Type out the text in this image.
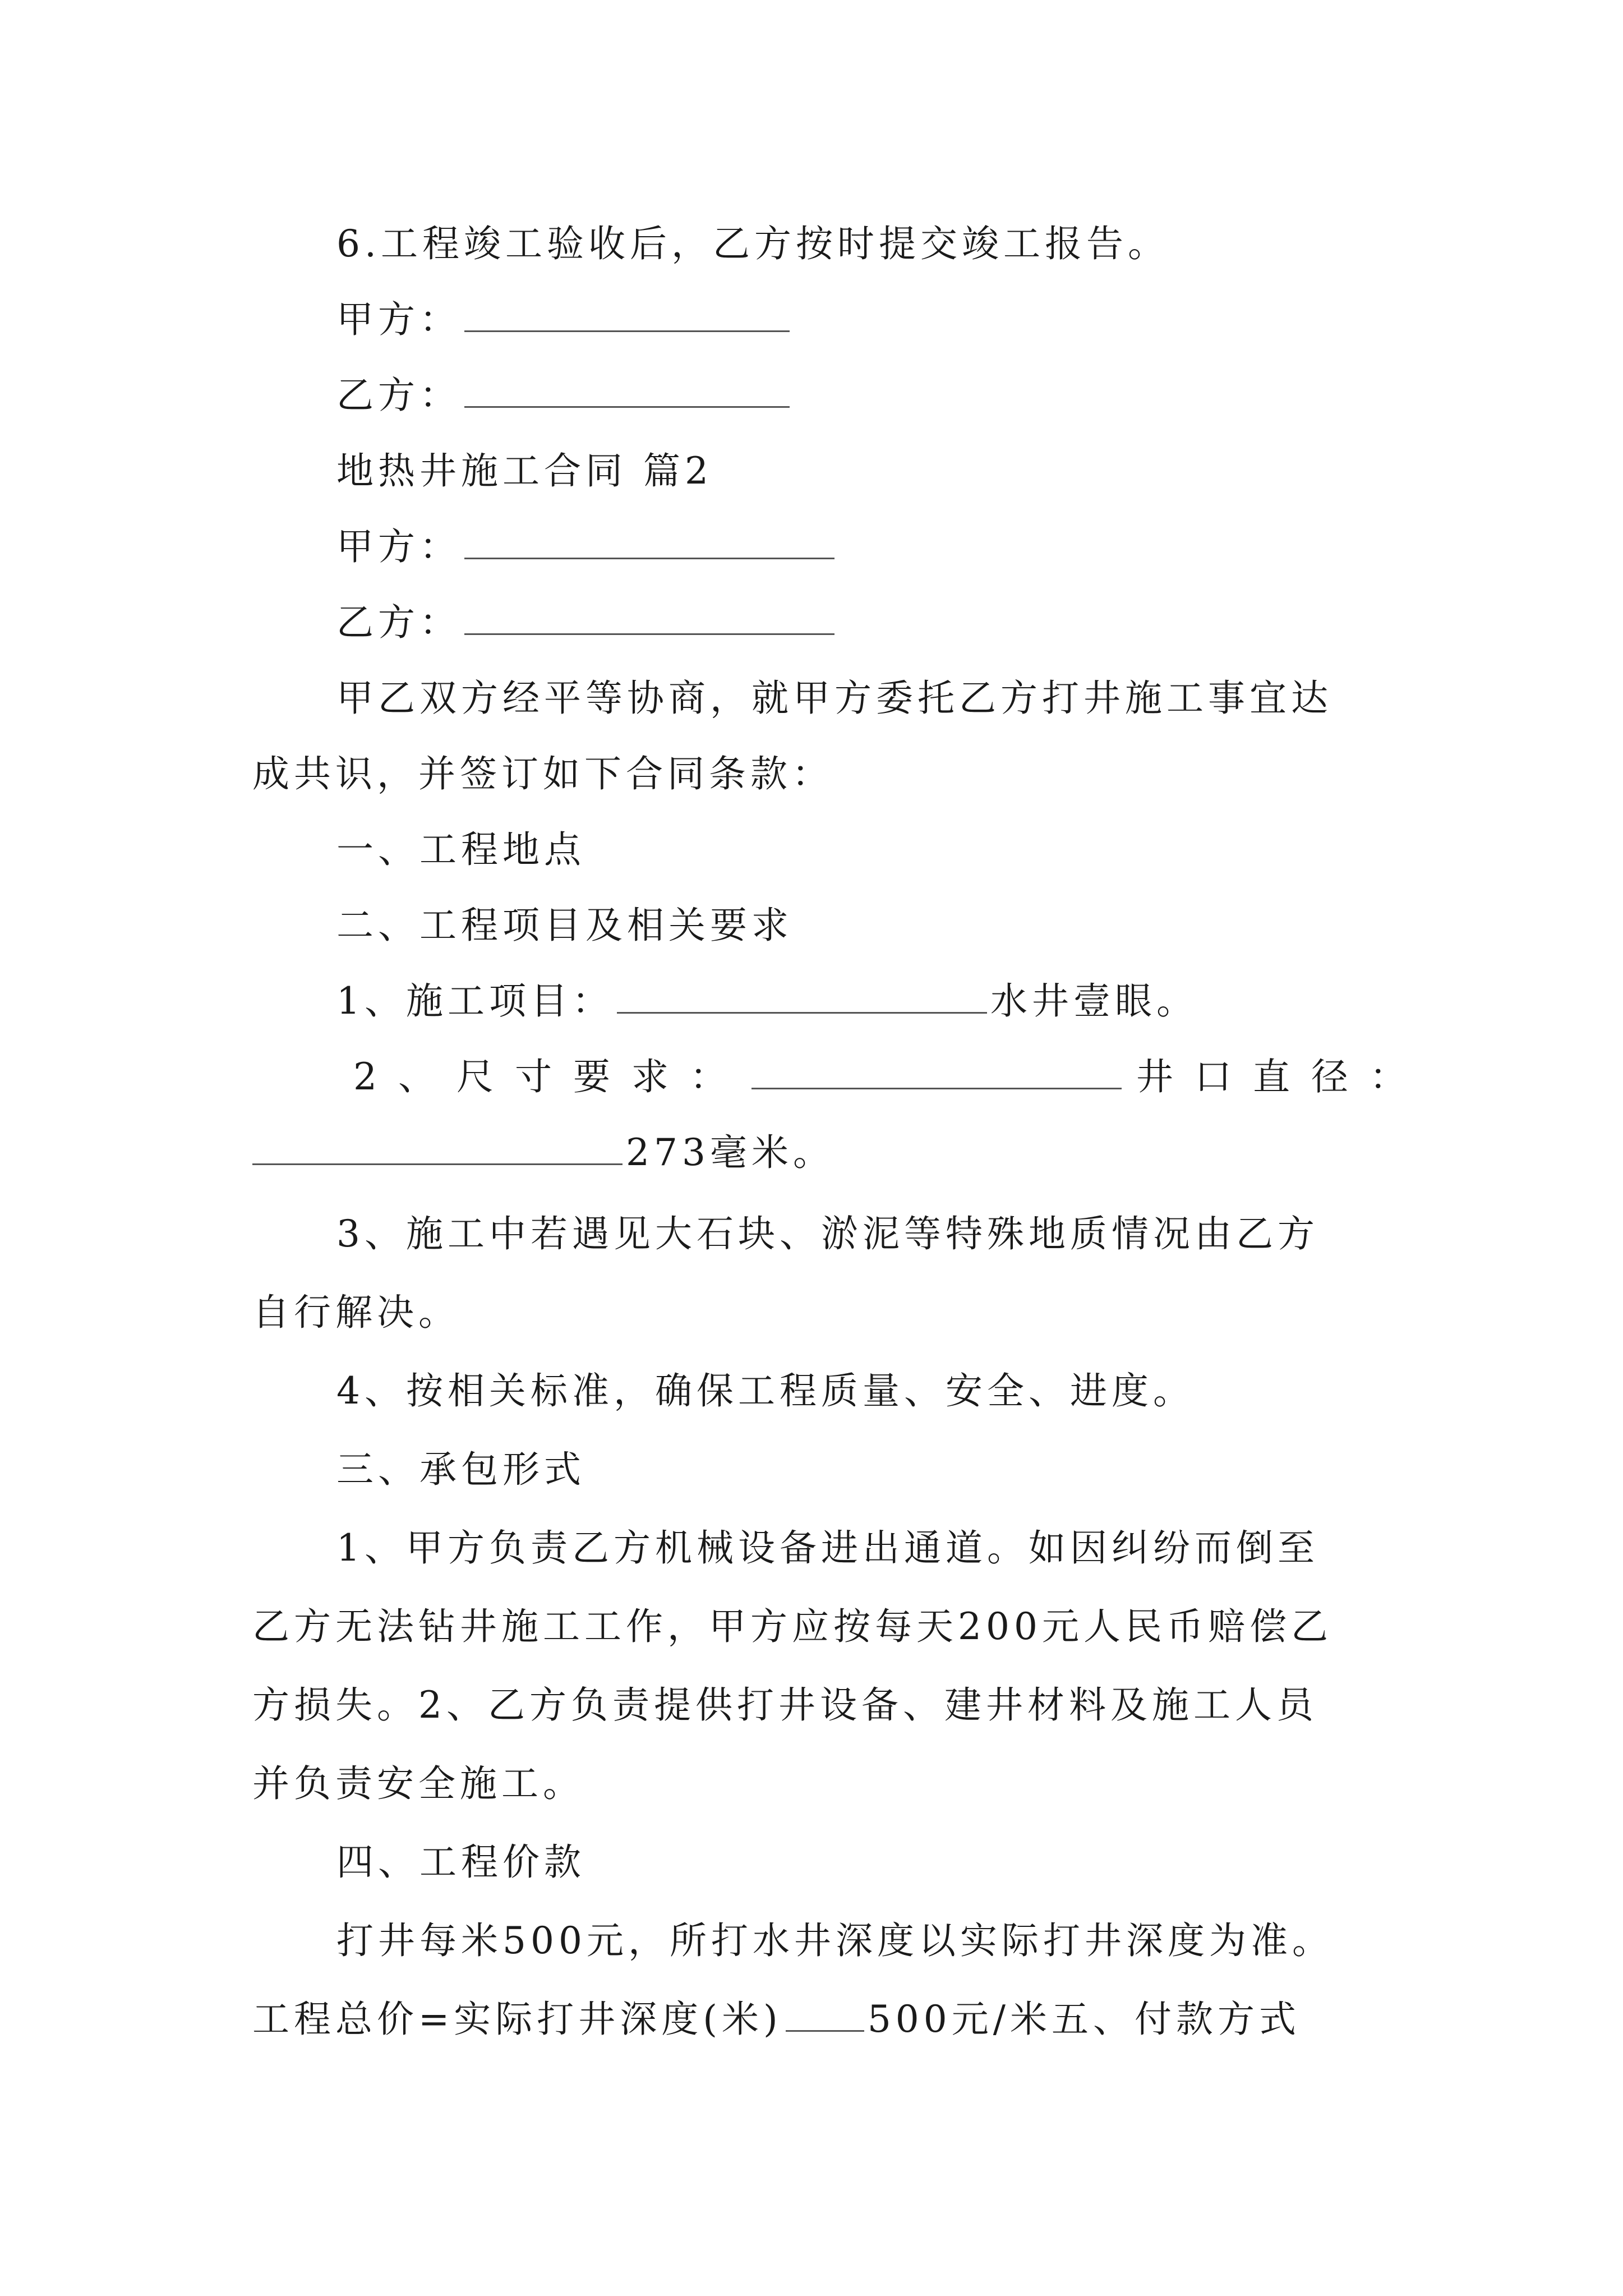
6.工程竣工验收后，乙方按时提交竣工报告。
甲方：
乙方：
地热井施工合同 篇2
甲方：
乙方：
甲乙双方经平等协商，就甲方委托乙方打井施工事宜达
成共识，并签订如下合同条款：
一、工程地点
二、工程项目及相关要求
1、施工项目：	水井壹眼。
2、尺寸要求：	井口直径：
273毫米。
3、施工中若遇见大石块、淤泥等特殊地质情况由乙方
自行解决。
4、按相关标准，确保工程质量、安全、进度。
三、承包形式
1、甲方负责乙方机械设备进出通道。如因纠纷而倒至
乙方无法钻井施工工作，甲方应按每天200元人民币赔偿乙
方损失。2、乙方负责提供打井设备、建井材料及施工人员
并负责安全施工。
四、工程价款
打井每米500元，所打水井深度以实际打井深度为准。
工程总价=实际打井深度(米) 500元/米五、付款方式
